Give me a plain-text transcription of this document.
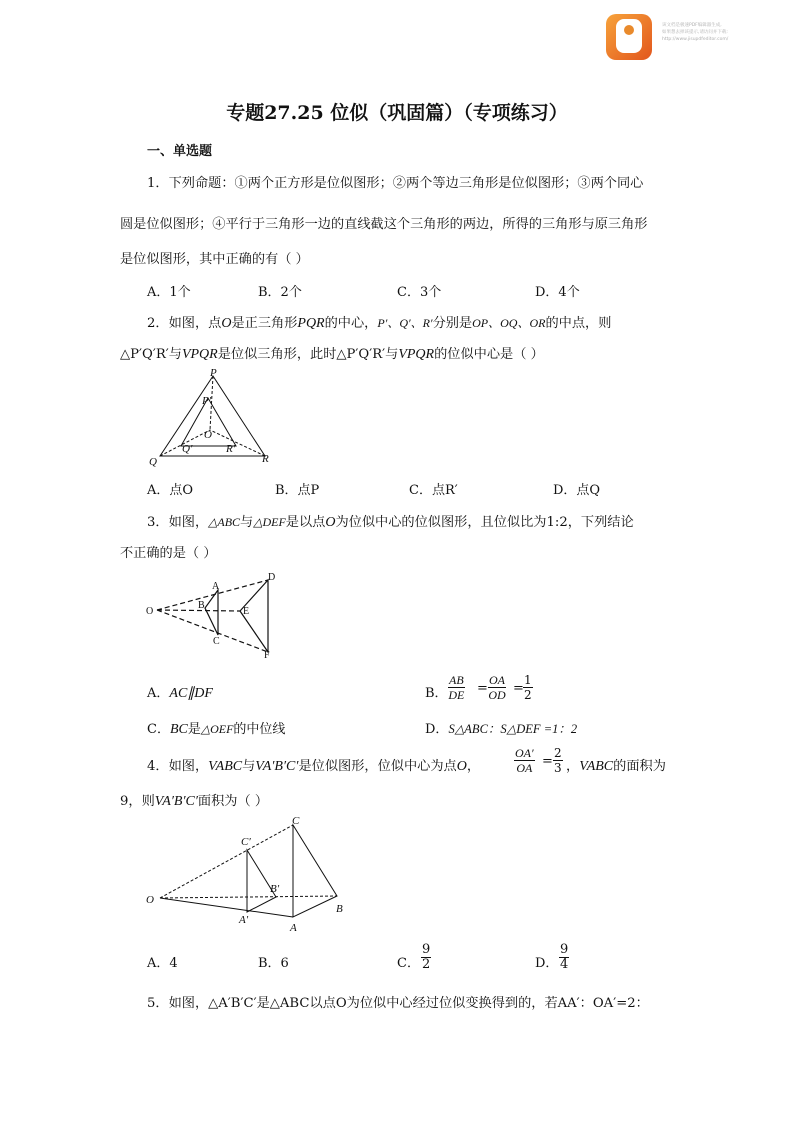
该文档是极速PDF编辑器生成,
如果想去掉该提示,请访问并下载:
http://www.jisupdfeditor.com/
专题27.25 位似（巩固篇）（专项练习）
一、单选题
1．下列命题：①两个正方形是位似图形；②两个等边三角形是位似图形；③两个同心
圆是位似图形；④平行于三角形一边的直线截这个三角形的两边，所得的三角形与原三角形
是位似图形，其中正确的有（ ）
A．1个	B．2个	C．3个	D．4个
2．如图，点O是正三角形PQR的中心，P′、Q′、R′分别是OP、OQ、OR的中点，则
△P′Q′R′与VPQR是位似三角形，此时△P′Q′R′与VPQR的位似中心是（ ）
P
P′
O
Q′	R′
Q	R
A．点O	B．点P	C．点R′	D．点Q
3．如图，△ABC与△DEF是以点O为位似中心的位似图形，且位似比为1:2，下列结论
不正确的是（ ）
O
A
B
C
D
E
F
A．AC∥DF	B． $\frac{AB}{DE} = \frac{OA}{OD} = \frac{1}{2}$
C．BC是△OEF的中位线	D．S△ABC：S△DEF =1：2
4．如图，VABC与VA′B′C′是位似图形，位似中心为点O，	$\frac{OA'}{OA} = \frac{2}{3}$ ，VABC的面积为
9，则VA′B′C′面积为（ ）
O
C
C′
B′
A′
A
B
A．4	B．6	C． $\frac{9}{2}$	D． $\frac{9}{4}$
5．如图，△A′B′C′是△ABC以点O为位似中心经过位似变换得到的，若AA′：OA′=2：
